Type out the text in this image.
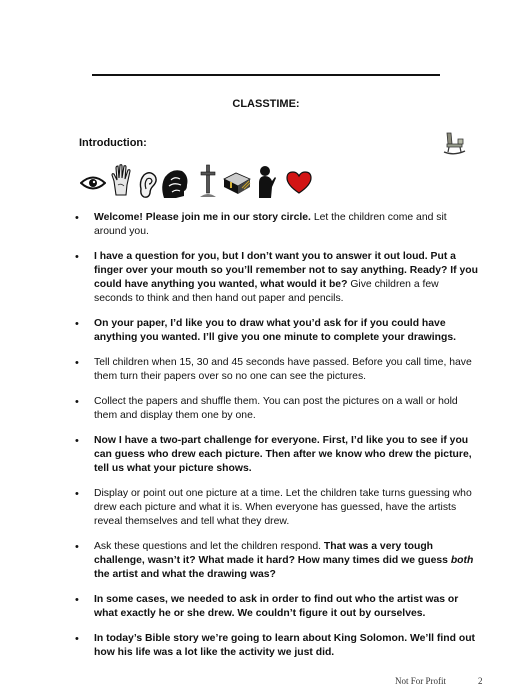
CLASSTIME:
Introduction:
• Welcome! Please join me in our story circle. Let the children come and sit around you.
• I have a question for you, but I don’t want you to answer it out loud. Put a finger over your mouth so you’ll remember not to say anything. Ready? If you could have anything you wanted, what would it be? Give children a few seconds to think and then hand out paper and pencils.
• On your paper, I’d like you to draw what you’d ask for if you could have anything you wanted. I’ll give you one minute to complete your drawings.
• Tell children when 15, 30 and 45 seconds have passed. Before you call time, have them turn their papers over so no one can see the pictures.
• Collect the papers and shuffle them. You can post the pictures on a wall or hold them and display them one by one.
• Now I have a two-part challenge for everyone. First, I’d like you to see if you can guess who drew each picture. Then after we know who drew the picture, tell us what your picture shows.
• Display or point out one picture at a time. Let the children take turns guessing who drew each picture and what it is. When everyone has guessed, have the artists reveal themselves and tell what they drew.
• Ask these questions and let the children respond. That was a very tough challenge, wasn’t it? What made it hard? How many times did we guess both the artist and what the drawing was?
• In some cases, we needed to ask in order to find out who the artist was or what exactly he or she drew. We couldn’t figure it out by ourselves.
• In today’s Bible story we’re going to learn about King Solomon. We’ll find out how his life was a lot like the activity we just did.
Not For Profit	2
